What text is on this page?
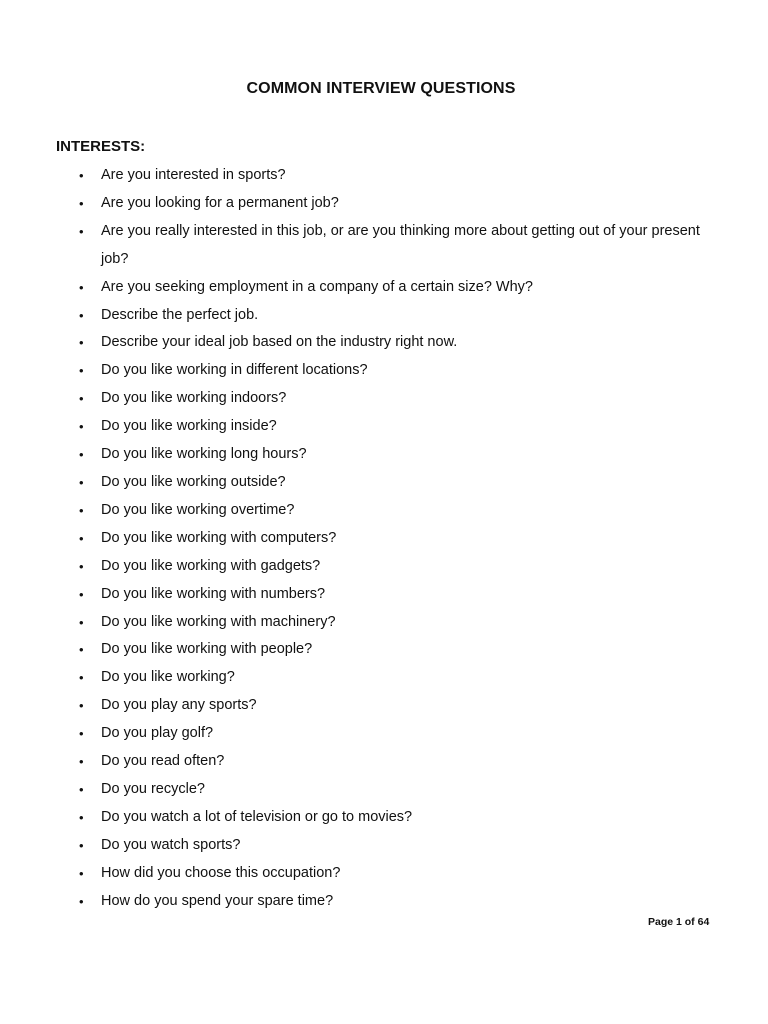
COMMON INTERVIEW QUESTIONS
INTERESTS:
• Are you interested in sports?
• Are you looking for a permanent job?
• Are you really interested in this job, or are you thinking more about getting out of your present job?
• Are you seeking employment in a company of a certain size? Why?
• Describe the perfect job.
• Describe your ideal job based on the industry right now.
• Do you like working in different locations?
• Do you like working indoors?
• Do you like working inside?
• Do you like working long hours?
• Do you like working outside?
• Do you like working overtime?
• Do you like working with computers?
• Do you like working with gadgets?
• Do you like working with numbers?
• Do you like working with machinery?
• Do you like working with people?
• Do you like working?
• Do you play any sports?
• Do you play golf?
• Do you read often?
• Do you recycle?
• Do you watch a lot of television or go to movies?
• Do you watch sports?
• How did you choose this occupation?
• How do you spend your spare time?
Page 1 of 64
